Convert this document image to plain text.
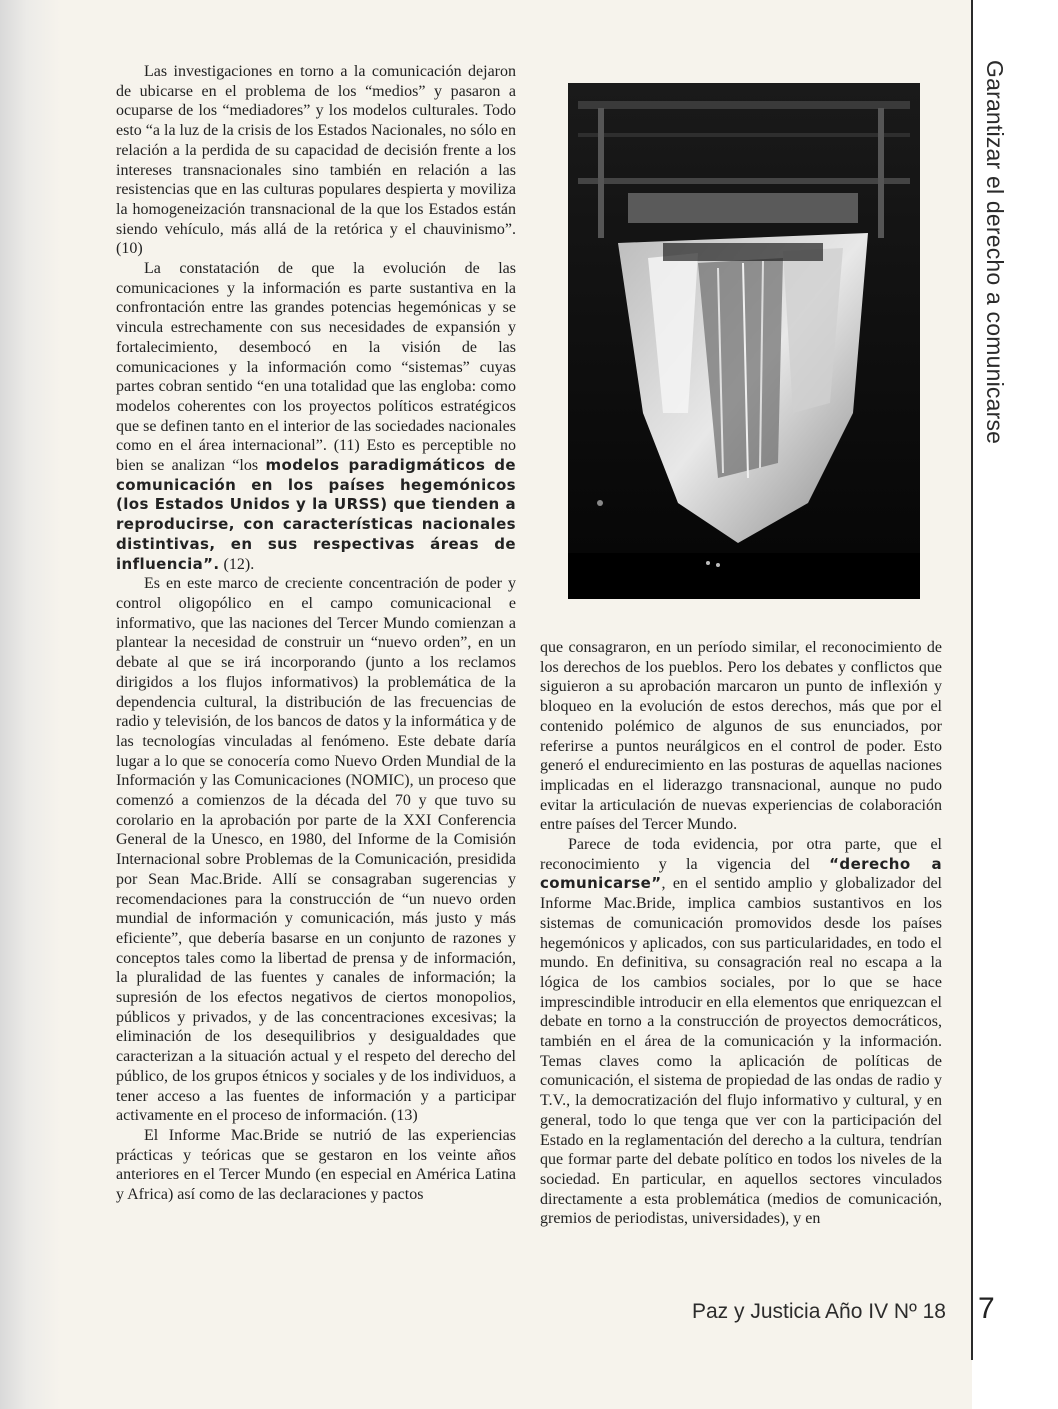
Garantizar el derecho a comunicarse

Las investigaciones en torno a la comunicación dejaron de ubicarse en el problema de los “medios” y pasaron a ocuparse de los “mediadores” y los modelos culturales. Todo esto “a la luz de la crisis de los Estados Nacionales, no sólo en relación a la perdida de su capacidad de decisión frente a los intereses transnacionales sino también en relación a las resistencias que en las culturas populares despierta y moviliza la homogeneización transnacional de la que los Estados están siendo vehículo, más allá de la retórica y el chauvinismo”. (10)

La constatación de que la evolución de las comunicaciones y la información es parte sustantiva en la confrontación entre las grandes potencias hegemónicas y se vincula estrechamente con sus necesidades de expansión y fortalecimiento, desembocó en la visión de las comunicaciones y la información como “sistemas” cuyas partes cobran sentido “en una totalidad que las engloba: como modelos coherentes con los proyectos políticos estratégicos que se definen tanto en el interior de las sociedades nacionales como en el área internacional”. (11) Esto es perceptible no bien se analizan “los modelos paradigmáticos de comunicación en los países hegemónicos (los Estados Unidos y la URSS) que tienden a reproducirse, con características nacionales distintivas, en sus respectivas áreas de influencia”. (12).

Es en este marco de creciente concentración de poder y control oligopólico en el campo comunicacional e informativo, que las naciones del Tercer Mundo comienzan a plantear la necesidad de construir un “nuevo orden”, en un debate al que se irá incorporando (junto a los reclamos dirigidos a los flujos informativos) la problemática de la dependencia cultural, la distribución de las frecuencias de radio y televisión, de los bancos de datos y la informática y de las tecnologías vinculadas al fenómeno. Este debate daría lugar a lo que se conocería como Nuevo Orden Mundial de la Información y las Comunicaciones (NOMIC), un proceso que comenzó a comienzos de la década del 70 y que tuvo su corolario en la aprobación por parte de la XXI Conferencia General de la Unesco, en 1980, del Informe de la Comisión Internacional sobre Problemas de la Comunicación, presidida por Sean Mac.Bride. Allí se consagraban sugerencias y recomendaciones para la construcción de “un nuevo orden mundial de información y comunicación, más justo y más eficiente”, que debería basarse en un conjunto de razones y conceptos tales como la libertad de prensa y de información, la pluralidad de las fuentes y canales de información; la supresión de los efectos negativos de ciertos monopolios, públicos y privados, y de las concentraciones excesivas; la eliminación de los desequilibrios y desigualdades que caracterizan a la situación actual y el respeto del derecho del público, de los grupos étnicos y sociales y de los individuos, a tener acceso a las fuentes de información y a participar activamente en el proceso de información. (13)

El Informe Mac.Bride se nutrió de las experiencias prácticas y teóricas que se gestaron en los veinte años anteriores en el Tercer Mundo (en especial en América Latina y Africa) así como de las declaraciones y pactos

que consagraron, en un período similar, el reconocimiento de los derechos de los pueblos. Pero los debates y conflictos que siguieron a su aprobación marcaron un punto de inflexión y bloqueo en la evolución de estos derechos, más que por el contenido polémico de algunos de sus enunciados, por referirse a puntos neurálgicos en el control de poder. Esto generó el endurecimiento en las posturas de aquellas naciones implicadas en el liderazgo transnacional, aunque no pudo evitar la articulación de nuevas experiencias de colaboración entre países del Tercer Mundo.

Parece de toda evidencia, por otra parte, que el reconocimiento y la vigencia del “derecho a comunicarse”, en el sentido amplio y globalizador del Informe Mac.Bride, implica cambios sustantivos en los sistemas de comunicación promovidos desde los países hegemónicos y aplicados, con sus particularidades, en todo el mundo. En definitiva, su consagración real no escapa a la lógica de los cambios sociales, por lo que se hace imprescindible introducir en ella elementos que enriquezcan el debate en torno a la construcción de proyectos democráticos, también en el área de la comunicación y la información. Temas claves como la aplicación de políticas de comunicación, el sistema de propiedad de las ondas de radio y T.V., la democratización del flujo informativo y cultural, y en general, todo lo que tenga que ver con la participación del Estado en la reglamentación del derecho a la cultura, tendrían que formar parte del debate político en todos los niveles de la sociedad. En particular, en aquellos sectores vinculados directamente a esta problemática (medios de comunicación, gremios de periodistas, universidades), y en

Paz y Justicia Año IV Nº 18 7
